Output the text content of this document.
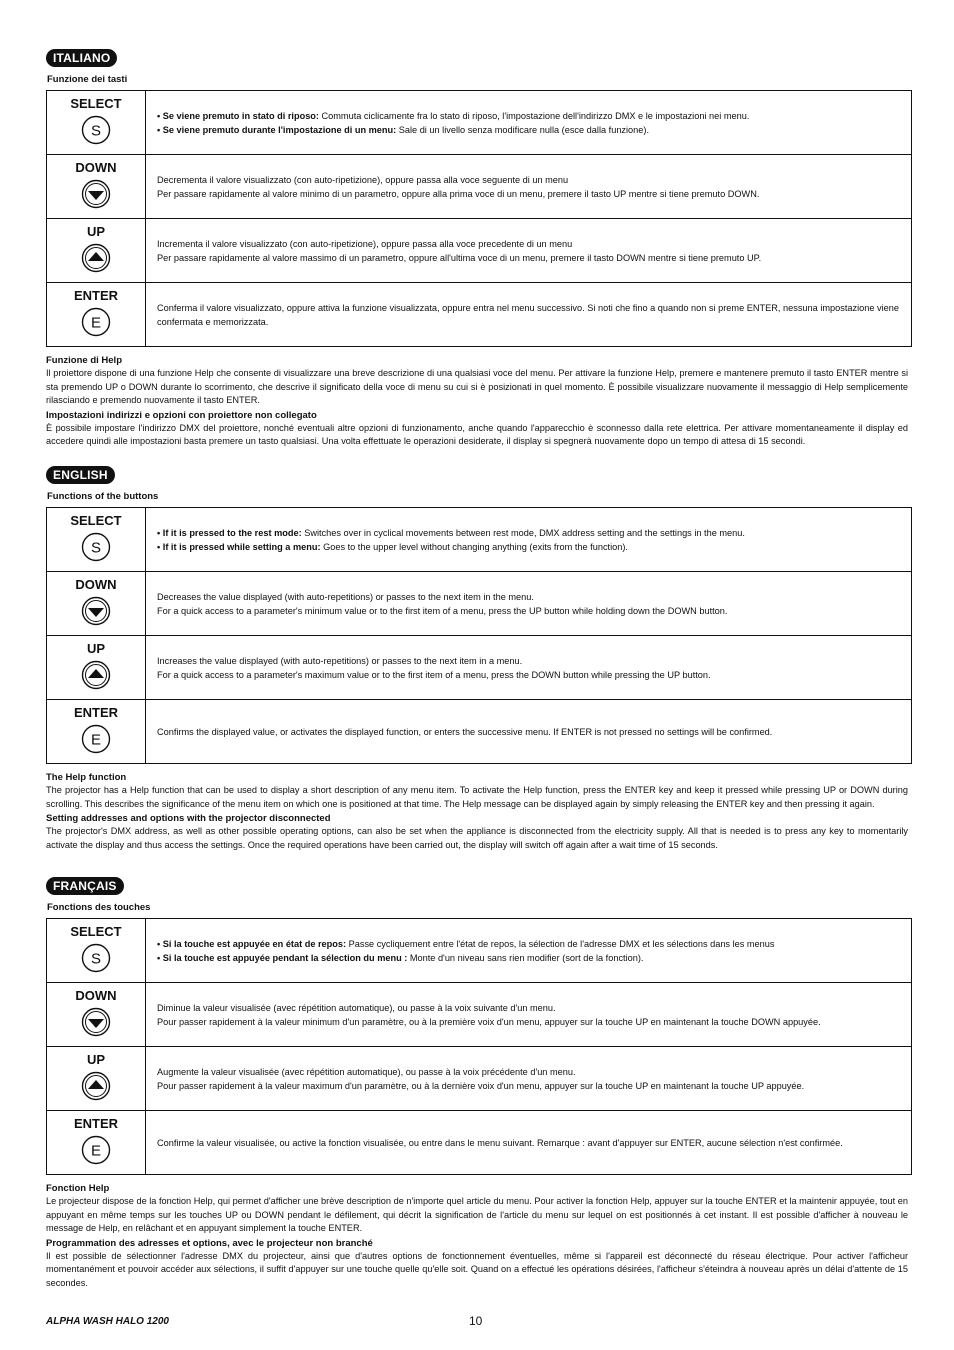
ITALIANO
Funzione dei tasti
SELECT
S
• Se viene premuto in stato di riposo: Commuta ciclicamente fra lo stato di riposo, l'impostazione dell'indirizzo DMX e le impostazioni nei menu.
• Se viene premuto durante l'impostazione di un menu: Sale di un livello senza modificare nulla (esce dalla funzione).
DOWN
Decrementa il valore visualizzato (con auto-ripetizione), oppure passa alla voce seguente di un menu
Per passare rapidamente al valore minimo di un parametro, oppure alla prima voce di un menu, premere il tasto UP mentre si tiene premuto DOWN.
UP
Incrementa il valore visualizzato (con auto-ripetizione), oppure passa alla voce precedente di un menu
Per passare rapidamente al valore massimo di un parametro, oppure all'ultima voce di un menu, premere il tasto DOWN mentre si tiene premuto UP.
ENTER
E
Conferma il valore visualizzato, oppure attiva la funzione visualizzata, oppure entra nel menu successivo. Si noti che fino a quando non si preme ENTER, nessuna impostazione viene confermata e memorizzata.
Funzione di Help
Il proiettore dispone di una funzione Help che consente di visualizzare una breve descrizione di una qualsiasi voce del menu. Per attivare la funzione Help, premere e mantenere premuto il tasto ENTER mentre si sta premendo UP o DOWN durante lo scorrimento, che descrive il significato della voce di menu su cui si è posizionati in quel momento. È possibile visualizzare nuovamente il messaggio di Help semplicemente rilasciando e premendo nuovamente il tasto ENTER.
Impostazioni indirizzi e opzioni con proiettore non collegato
È possibile impostare l'indirizzo DMX del proiettore, nonché eventuali altre opzioni di funzionamento, anche quando l'apparecchio è sconnesso dalla rete elettrica. Per attivare momentaneamente il display ed accedere quindi alle impostazioni basta premere un tasto qualsiasi. Una volta effettuate le operazioni desiderate, il display si spegnerà nuovamente dopo un tempo di attesa di 15 secondi.
ENGLISH
Functions of the buttons
SELECT
S
• If it is pressed to the rest mode: Switches over in cyclical movements between rest mode, DMX address setting and the settings in the menu.
• If it is pressed while setting a menu: Goes to the upper level without changing anything (exits from the function).
DOWN
Decreases the value displayed (with auto-repetitions) or passes to the next item in the menu.
For a quick access to a parameter's minimum value or to the first item of a menu, press the UP button while holding down the DOWN button.
UP
Increases the value displayed (with auto-repetitions) or passes to the next item in a menu.
For a quick access to a parameter's maximum value or to the first item of a menu, press the DOWN button while pressing the UP button.
ENTER
E	Confirms the displayed value, or activates the displayed function, or enters the successive menu. If ENTER is not pressed no settings will be confirmed.
The Help function
The projector has a Help function that can be used to display a short description of any menu item. To activate the Help function, press the ENTER key and keep it pressed while pressing UP or DOWN during scrolling. This describes the significance of the menu item on which one is positioned at that time. The Help message can be displayed again by simply releasing the ENTER key and then pressing it again.
Setting addresses and options with the projector disconnected
The projector's DMX address, as well as other possible operating options, can also be set when the appliance is disconnected from the electricity supply. All that is needed is to press any key to momentarily activate the display and thus access the settings. Once the required operations have been carried out, the display will switch off again after a wait time of 15 seconds.
FRANÇAIS
Fonctions des touches
SELECT
S
• Si la touche est appuyée en état de repos: Passe cycliquement entre l'état de repos, la sélection de l'adresse DMX et les sélections dans les menus
• Si la touche est appuyée pendant la sélection du menu : Monte d'un niveau sans rien modifier (sort de la fonction).
DOWN
Diminue la valeur visualisée (avec répétition automatique), ou passe à la voix suivante d'un menu.
Pour passer rapidement à la valeur minimum d'un paramètre, ou à la première voix d'un menu, appuyer sur la touche UP en maintenant la touche DOWN appuyée.
UP
Augmente la valeur visualisée (avec répétition automatique), ou passe à la voix précédente d'un menu.
Pour passer rapidement à la valeur maximum d'un paramètre, ou à la dernière voix d'un menu, appuyer sur la touche UP en maintenant la touche UP appuyée.
ENTER
E	Confirme la valeur visualisée, ou active la fonction visualisée, ou entre dans le menu suivant. Remarque : avant d'appuyer sur ENTER, aucune sélection n'est confirmée.
Fonction Help
Le projecteur dispose de la fonction Help, qui permet d'afficher une brève description de n'importe quel article du menu. Pour activer la fonction Help, appuyer sur la touche ENTER et la maintenir appuyée, tout en appuyant en même temps sur les touches UP ou DOWN pendant le défilement, qui décrit la signification de l'article du menu sur lequel on est positionnés à cet instant. Il est possible d'afficher à nouveau le message de Help, en relâchant et en appuyant simplement la touche ENTER.
Programmation des adresses et options, avec le projecteur non branché
Il est possible de sélectionner l'adresse DMX du projecteur, ainsi que d'autres options de fonctionnement éventuelles, même si l'appareil est déconnecté du réseau électrique. Pour activer l'afficheur momentanément et pouvoir accéder aux sélections, il suffit d'appuyer sur une touche quelle qu'elle soit. Quand on a effectué les opérations désirées, l'afficheur s'éteindra à nouveau après un délai d'attente de 15 secondes.
ALPHA WASH HALO 1200	10
